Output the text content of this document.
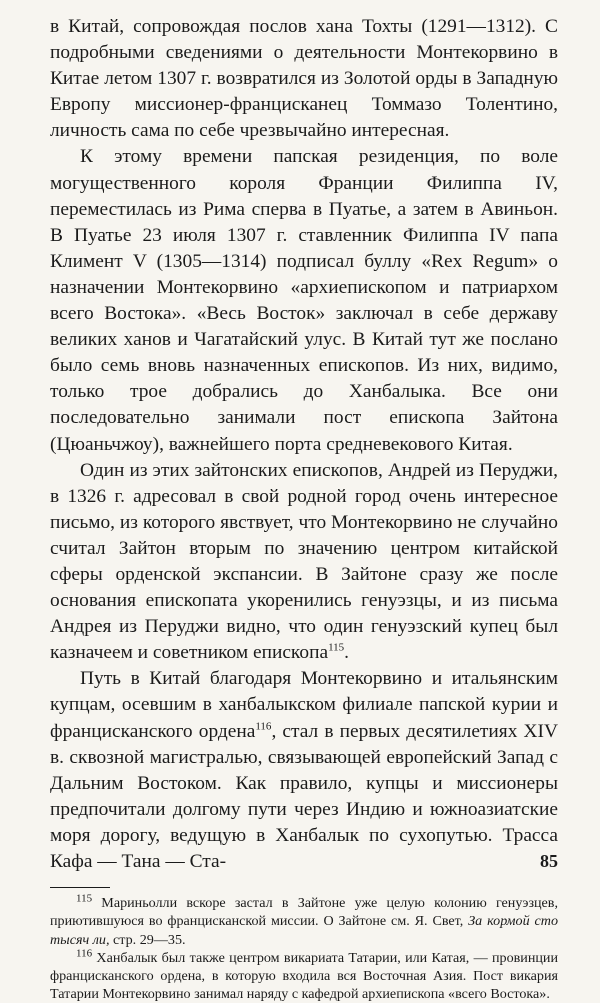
в Китай, сопровождая послов хана Тохты (1291—1312). С подробными сведениями о деятельности Монтекорвино в Китае летом 1307 г. возвратился из Золотой орды в Западную Европу миссионер-францисканец Томмазо Толентино, личность сама по себе чрезвычайно интересная.

К этому времени папская резиденция, по воле могущественного короля Франции Филиппа IV, переместилась из Рима сперва в Пуатье, а затем в Авиньон. В Пуатье 23 июля 1307 г. ставленник Филиппа IV папа Климент V (1305—1314) подписал буллу «Rex Regum» о назначении Монтекорвино «архиепископом и патриархом всего Востока». «Весь Восток» заключал в себе державу великих ханов и Чагатайский улус. В Китай тут же послано было семь вновь назначенных епископов. Из них, видимо, только трое добрались до Ханбалыка. Все они последовательно занимали пост епископа Зайтона (Цюаньчжоу), важнейшего порта средневекового Китая.

Один из этих зайтонских епископов, Андрей из Перуджи, в 1326 г. адресовал в свой родной город очень интересное письмо, из которого явствует, что Монтекорвино не случайно считал Зайтон вторым по значению центром китайской сферы орденской экспансии. В Зайтоне сразу же после основания епископата укоренились генуэзцы, и из письма Андрея из Перуджи видно, что один генуэзский купец был казначеем и советником епископа$^{115}$.

Путь в Китай благодаря Монтекорвино и итальянским купцам, осевшим в ханбалыкском филиале папской курии и францисканского ордена$^{116}$, стал в первых десятилетиях XIV в. сквозной магистралью, связывающей европейский Запад с Дальним Востоком. Как правило, купцы и миссионеры предпочитали долгому пути через Индию и южноазиатские моря дорогу, ведущую в Ханбалык по сухопутью. Трасса Кафа — Тана — Ста-

$^{115}$ Мариньолли вскоре застал в Зайтоне уже целую колонию генуэзцев, приютившуюся во францисканской миссии. О Зайтоне см. Я. Свет, За кормой сто тысяч ли, стр. 29—35.

$^{116}$ Ханбалык был также центром викариата Татарии, или Катая, — провинции францисканского ордена, в которую входила вся Восточная Азия. Пост викария Татарии Монтекорвино занимал наряду с кафедрой архиепископа «всего Востока».

85
